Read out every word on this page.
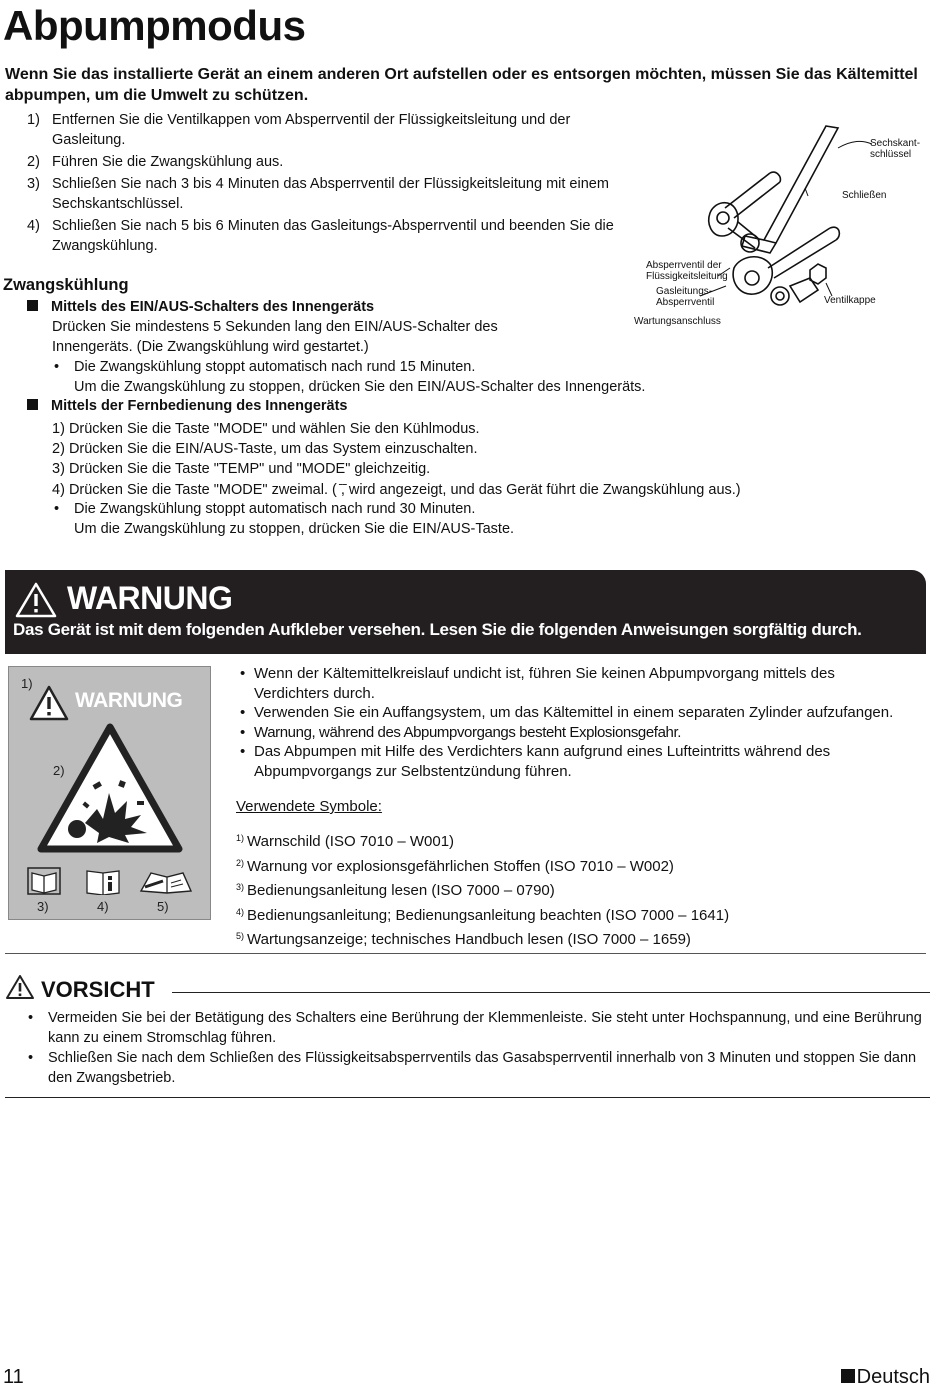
Abpumpmodus
Wenn Sie das installierte Gerät an einem anderen Ort aufstellen oder es entsorgen möchten, müssen Sie das Kältemittel abpumpen, um die Umwelt zu schützen.
1) Entfernen Sie die Ventilkappen vom Absperrventil der Flüssigkeitsleitung und der Gasleitung.
2) Führen Sie die Zwangskühlung aus.
3) Schließen Sie nach 3 bis 4 Minuten das Absperrventil der Flüssigkeitsleitung mit einem Sechskantschlüssel.
4) Schließen Sie nach 5 bis 6 Minuten das Gasleitungs-Absperrventil und beenden Sie die Zwangskühlung.
Sechskant-
schlüssel
Schließen
Absperrventil der
Flüssigkeitsleitung
Gasleitungs-
Absperrventil
Wartungsanschluss
Ventilkappe
Zwangskühlung
Mittels des EIN/AUS-Schalters des Innengeräts
Drücken Sie mindestens 5 Sekunden lang den EIN/AUS-Schalter des
Innengeräts. (Die Zwangskühlung wird gestartet.)
• Die Zwangskühlung stoppt automatisch nach rund 15 Minuten.
Um die Zwangskühlung zu stoppen, drücken Sie den EIN/AUS-Schalter des Innengeräts.
Mittels der Fernbedienung des Innengeräts
1) Drücken Sie die Taste "MODE" und wählen Sie den Kühlmodus.
2) Drücken Sie die EIN/AUS-Taste, um das System einzuschalten.
3) Drücken Sie die Taste "TEMP" und "MODE" gleichzeitig.
4) Drücken Sie die Taste "MODE" zweimal. ( ̄,̄ wird angezeigt, und das Gerät führt die Zwangskühlung aus.)
• Die Zwangskühlung stoppt automatisch nach rund 30 Minuten.
Um die Zwangskühlung zu stoppen, drücken Sie die EIN/AUS-Taste.
WARNUNG
Das Gerät ist mit dem folgenden Aufkleber versehen. Lesen Sie die folgenden Anweisungen sorgfältig durch.
1)
WARNUNG
2)
3)	4)	5)
• Wenn der Kältemittelkreislauf undicht ist, führen Sie keinen Abpumpvorgang mittels des Verdichters durch.
• Verwenden Sie ein Auffangsystem, um das Kältemittel in einem separaten Zylinder aufzufangen.
• Warnung, während des Abpumpvorgangs besteht Explosionsgefahr.
• Das Abpumpen mit Hilfe des Verdichters kann aufgrund eines Lufteintritts während des Abpumpvorgangs zur Selbstentzündung führen.
Verwendete Symbole:
$^{1)}$ Warnschild (ISO 7010 – W001)
$^{2)}$ Warnung vor explosionsgefährlichen Stoffen (ISO 7010 – W002)
$^{3)}$ Bedienungsanleitung lesen (ISO 7000 – 0790)
$^{4)}$ Bedienungsanleitung; Bedienungsanleitung beachten (ISO 7000 – 1641)
$^{5)}$ Wartungsanzeige; technisches Handbuch lesen (ISO 7000 – 1659)
VORSICHT
•	Vermeiden Sie bei der Betätigung des Schalters eine Berührung der Klemmenleiste. Sie steht unter Hochspannung, und eine Berührung kann zu einem Stromschlag führen.
•	Schließen Sie nach dem Schließen des Flüssigkeitsabsperrventils das Gasabsperrventil innerhalb von 3 Minuten und stoppen Sie dann den Zwangsbetrieb.
11	Deutsch
